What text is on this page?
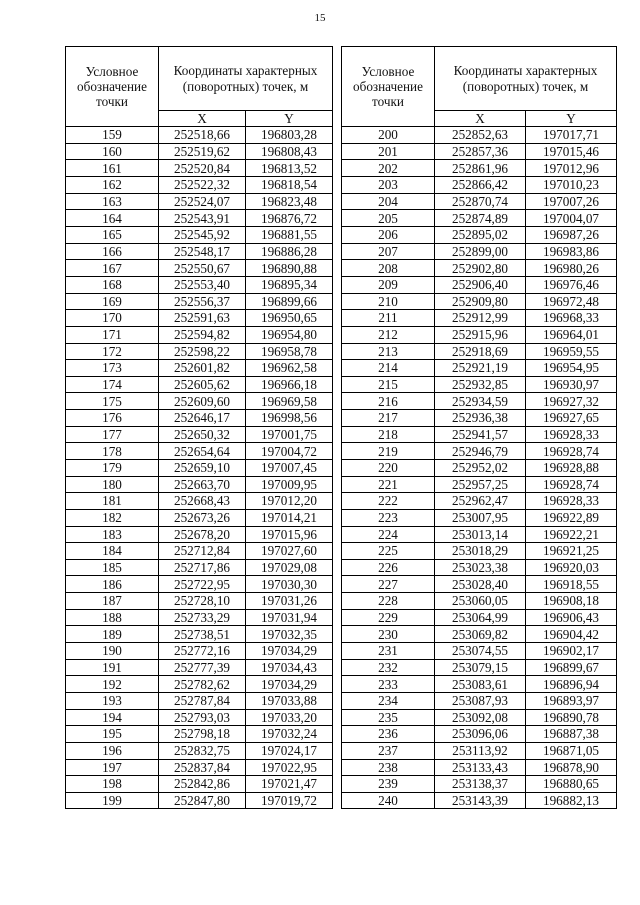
15
Условное обозначение точки	Координаты характерных (поворотных) точек, м	
	X	Y
159	252518,66	196803,28
160	252519,62	196808,43
161	252520,84	196813,52
162	252522,32	196818,54
163	252524,07	196823,48
164	252543,91	196876,72
165	252545,92	196881,55
166	252548,17	196886,28
167	252550,67	196890,88
168	252553,40	196895,34
169	252556,37	196899,66
170	252591,63	196950,65
171	252594,82	196954,80
172	252598,22	196958,78
173	252601,82	196962,58
174	252605,62	196966,18
175	252609,60	196969,58
176	252646,17	196998,56
177	252650,32	197001,75
178	252654,64	197004,72
179	252659,10	197007,45
180	252663,70	197009,95
181	252668,43	197012,20
182	252673,26	197014,21
183	252678,20	197015,96
184	252712,84	197027,60
185	252717,86	197029,08
186	252722,95	197030,30
187	252728,10	197031,26
188	252733,29	197031,94
189	252738,51	197032,35
190	252772,16	197034,29
191	252777,39	197034,43
192	252782,62	197034,29
193	252787,84	197033,88
194	252793,03	197033,20
195	252798,18	197032,24
196	252832,75	197024,17
197	252837,84	197022,95
198	252842,86	197021,47
199	252847,80	197019,72
Условное обозначение точки	Координаты характерных (поворотных) точек, м	
	X	Y
200	252852,63	197017,71
201	252857,36	197015,46
202	252861,96	197012,96
203	252866,42	197010,23
204	252870,74	197007,26
205	252874,89	197004,07
206	252895,02	196987,26
207	252899,00	196983,86
208	252902,80	196980,26
209	252906,40	196976,46
210	252909,80	196972,48
211	252912,99	196968,33
212	252915,96	196964,01
213	252918,69	196959,55
214	252921,19	196954,95
215	252932,85	196930,97
216	252934,59	196927,32
217	252936,38	196927,65
218	252941,57	196928,33
219	252946,79	196928,74
220	252952,02	196928,88
221	252957,25	196928,74
222	252962,47	196928,33
223	253007,95	196922,89
224	253013,14	196922,21
225	253018,29	196921,25
226	253023,38	196920,03
227	253028,40	196918,55
228	253060,05	196908,18
229	253064,99	196906,43
230	253069,82	196904,42
231	253074,55	196902,17
232	253079,15	196899,67
233	253083,61	196896,94
234	253087,93	196893,97
235	253092,08	196890,78
236	253096,06	196887,38
237	253113,92	196871,05
238	253133,43	196878,90
239	253138,37	196880,65
240	253143,39	196882,13
